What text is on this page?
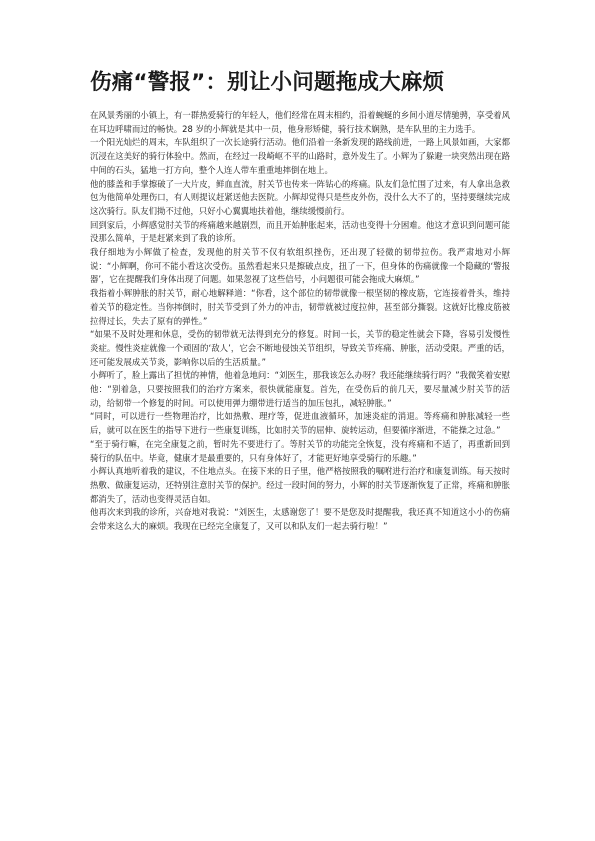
伤痛“警报”：别让小问题拖成大麻烦

在风景秀丽的小镇上，有一群热爱骑行的年轻人，他们经常在周末相约，沿着蜿蜒的乡间小道尽情驰骋，享受着风在耳边呼啸而过的畅快。28 岁的小辉就是其中一员，他身形矫健，骑行技术娴熟，是车队里的主力选手。

一个阳光灿烂的周末，车队组织了一次长途骑行活动。他们沿着一条新发现的路线前进，一路上风景如画，大家都沉浸在这美好的骑行体验中。然而，在经过一段崎岖不平的山路时，意外发生了。小辉为了躲避一块突然出现在路中间的石头，猛地一打方向，整个人连人带车重重地摔倒在地上。

他的膝盖和手掌擦破了一大片皮，鲜血直流，肘关节也传来一阵钻心的疼痛。队友们急忙围了过来，有人拿出急救包为他简单处理伤口，有人则提议赶紧送他去医院。小辉却觉得只是些皮外伤，没什么大不了的，坚持要继续完成这次骑行。队友们拗不过他，只好小心翼翼地扶着他，继续缓慢前行。

回到家后，小辉感觉肘关节的疼痛越来越剧烈，而且开始肿胀起来，活动也变得十分困难。他这才意识到问题可能没那么简单，于是赶紧来到了我的诊所。

我仔细地为小辉做了检查，发现他的肘关节不仅有软组织挫伤，还出现了轻微的韧带拉伤。我严肃地对小辉说：“小辉啊，你可不能小看这次受伤。虽然看起来只是擦破点皮，扭了一下，但身体的伤痛就像一个隐藏的‘警报器’，它在提醒我们身体出现了问题。如果忽视了这些信号，小问题很可能会拖成大麻烦。”

我指着小辉肿胀的肘关节，耐心地解释道：“你看，这个部位的韧带就像一根坚韧的橡皮筋，它连接着骨头，维持着关节的稳定性。当你摔倒时，肘关节受到了外力的冲击，韧带就被过度拉伸，甚至部分撕裂。这就好比橡皮筋被拉得过长，失去了原有的弹性。”

“如果不及时处理和休息，受伤的韧带就无法得到充分的修复。时间一长，关节的稳定性就会下降，容易引发慢性炎症。慢性炎症就像一个顽固的‘敌人’，它会不断地侵蚀关节组织，导致关节疼痛、肿胀，活动受限。严重的话，还可能发展成关节炎，影响你以后的生活质量。”

小辉听了，脸上露出了担忧的神情，他着急地问：“刘医生，那我该怎么办呀？我还能继续骑行吗？”我微笑着安慰他：“别着急，只要按照我们的治疗方案来，很快就能康复。首先，在受伤后的前几天，要尽量减少肘关节的活动，给韧带一个修复的时间。可以使用弹力绷带进行适当的加压包扎，减轻肿胀。”

“同时，可以进行一些物理治疗，比如热敷、理疗等，促进血液循环，加速炎症的消退。等疼痛和肿胀减轻一些后，就可以在医生的指导下进行一些康复训练，比如肘关节的屈伸、旋转运动，但要循序渐进，不能操之过急。”

“至于骑行嘛，在完全康复之前，暂时先不要进行了。等肘关节的功能完全恢复，没有疼痛和不适了，再重新回到骑行的队伍中。毕竟，健康才是最重要的，只有身体好了，才能更好地享受骑行的乐趣。”

小辉认真地听着我的建议，不住地点头。在接下来的日子里，他严格按照我的嘱咐进行治疗和康复训练。每天按时热敷、做康复运动，还特别注意肘关节的保护。经过一段时间的努力，小辉的肘关节逐渐恢复了正常，疼痛和肿胀都消失了，活动也变得灵活自如。

他再次来到我的诊所，兴奋地对我说：“刘医生，太感谢您了！要不是您及时提醒我，我还真不知道这小小的伤痛会带来这么大的麻烦。我现在已经完全康复了，又可以和队友们一起去骑行啦！”
